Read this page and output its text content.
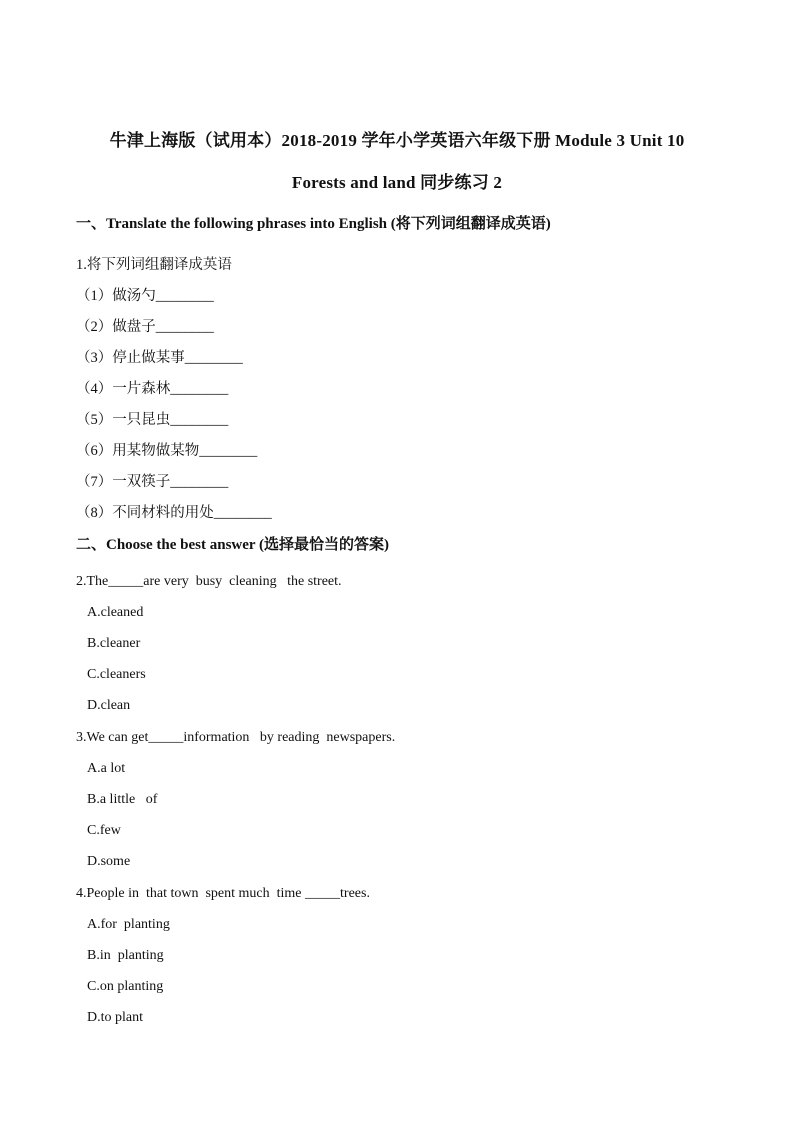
牛津上海版（试用本）2018-2019 学年小学英语六年级下册 Module 3 Unit 10
Forests and land 同步练习 2
一、Translate the following phrases into English (将下列词组翻译成英语)
1.将下列词组翻译成英语
（1）做汤勺________
（2）做盘子________
（3）停止做某事________
（4）一片森林________
（5）一只昆虫________
（6）用某物做某物________
（7）一双筷子________
（8）不同材料的用处________
二、Choose the best answer (选择最恰当的答案)
2.The_____are very  busy  cleaning   the street.
A.cleaned
B.cleaner
C.cleaners
D.clean
3.We can get_____information   by reading  newspapers.
A.a lot
B.a little   of
C.few
D.some
4.People in  that town  spent much  time _____trees.
A.for  planting
B.in  planting
C.on planting
D.to plant
